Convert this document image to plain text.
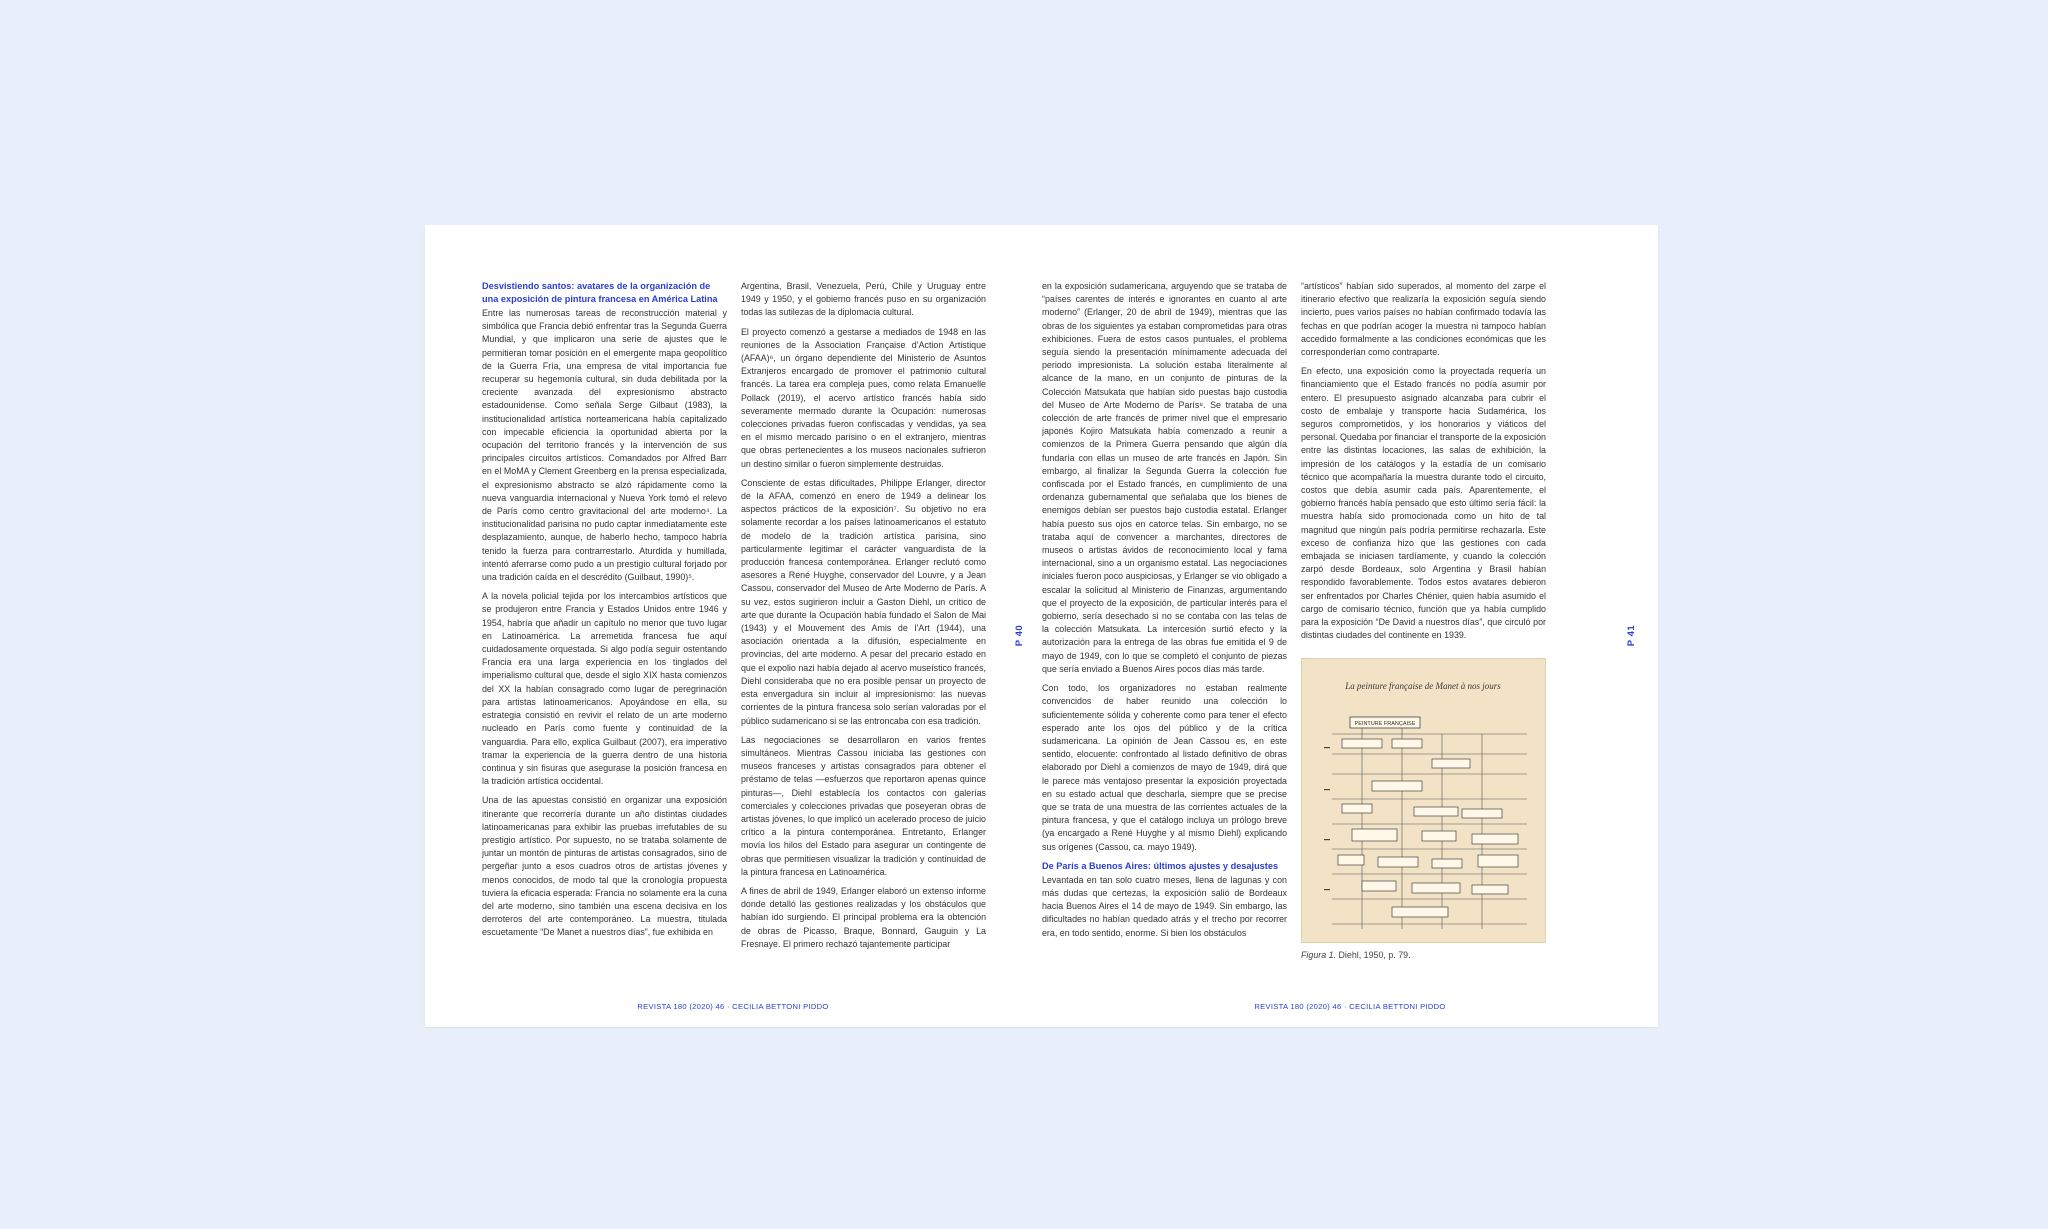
Desvistiendo santos: avatares de la organización de una exposición de pintura francesa en América Latina

Entre las numerosas tareas de reconstrucción material y simbólica que Francia debió enfrentar tras la Segunda Guerra Mundial, y que implicaron una serie de ajustes que le permitieran tomar posición en el emergente mapa geopolítico de la Guerra Fría, una empresa de vital importancia fue recuperar su hegemonía cultural, sin duda debilitada por la creciente avanzada del expresionismo abstracto estadounidense. Como señala Serge Gilbaut (1983), la institucionalidad artística norteamericana había capitalizado con impecable eficiencia la oportunidad abierta por la ocupación del territorio francés y la intervención de sus principales circuitos artísticos. Comandados por Alfred Barr en el MoMA y Clement Greenberg en la prensa especializada, el expresionismo abstracto se alzó rápidamente como la nueva vanguardia internacional y Nueva York tomó el relevo de París como centro gravitacional del arte moderno⁴. La institucionalidad parisina no pudo captar inmediatamente este desplazamiento, aunque, de haberlo hecho, tampoco habría tenido la fuerza para contrarrestarlo. Aturdida y humillada, intentó aferrarse como pudo a un prestigio cultural forjado por una tradición caída en el descrédito (Guilbaut, 1990)⁵.

A la novela policial tejida por los intercambios artísticos que se produjeron entre Francia y Estados Unidos entre 1946 y 1954, habría que añadir un capítulo no menor que tuvo lugar en Latinoamérica. La arremetida francesa fue aquí cuidadosamente orquestada. Si algo podía seguir ostentando Francia era una larga experiencia en los tinglados del imperialismo cultural que, desde el siglo XIX hasta comienzos del XX la habían consagrado como lugar de peregrinación para artistas latinoamericanos. Apoyándose en ella, su estrategia consistió en revivir el relato de un arte moderno nucleado en París como fuente y continuidad de la vanguardia. Para ello, explica Guilbaut (2007), era imperativo tramar la experiencia de la guerra dentro de una historia continua y sin fisuras que asegurase la posición francesa en la tradición artística occidental.

Una de las apuestas consistió en organizar una exposición itinerante que recorrería durante un año distintas ciudades latinoamericanas para exhibir las pruebas irrefutables de su prestigio artístico. Por supuesto, no se trataba solamente de juntar un montón de pinturas de artistas consagrados, sino de pergeñar junto a esos cuadros otros de artistas jóvenes y menos conocidos, de modo tal que la cronología propuesta tuviera la eficacia esperada: Francia no solamente era la cuna del arte moderno, sino también una escena decisiva en los derroteros del arte contemporáneo. La muestra, titulada escuetamente “De Manet a nuestros días”, fue exhibida en

Argentina, Brasil, Venezuela, Perú, Chile y Uruguay entre 1949 y 1950, y el gobierno francés puso en su organización todas las sutilezas de la diplomacia cultural.

El proyecto comenzó a gestarse a mediados de 1948 en las reuniones de la Association Française d’Action Artistique (AFAA)⁶, un órgano dependiente del Ministerio de Asuntos Extranjeros encargado de promover el patrimonio cultural francés. La tarea era compleja pues, como relata Emanuelle Pollack (2019), el acervo artístico francés había sido severamente mermado durante la Ocupación: numerosas colecciones privadas fueron confiscadas y vendidas, ya sea en el mismo mercado parisino o en el extranjero, mientras que obras pertenecientes a los museos nacionales sufrieron un destino similar o fueron simplemente destruidas.

Consciente de estas dificultades, Philippe Erlanger, director de la AFAA, comenzó en enero de 1949 a delinear los aspectos prácticos de la exposición⁷. Su objetivo no era solamente recordar a los países latinoamericanos el estatuto de modelo de la tradición artística parisina, sino particularmente legitimar el carácter vanguardista de la producción francesa contemporánea. Erlanger reclutó como asesores a René Huyghe, conservador del Louvre, y a Jean Cassou, conservador del Museo de Arte Moderno de París. A su vez, estos sugirieron incluir a Gaston Diehl, un crítico de arte que durante la Ocupación había fundado el Salon de Mai (1943) y el Mouvement des Amis de l’Art (1944), una asociación orientada a la difusión, especialmente en provincias, del arte moderno. A pesar del precario estado en que el expolio nazi había dejado al acervo museístico francés, Diehl consideraba que no era posible pensar un proyecto de esta envergadura sin incluir al impresionismo: las nuevas corrientes de la pintura francesa solo serían valoradas por el público sudamericano si se las entroncaba con esa tradición.

Las negociaciones se desarrollaron en varios frentes simultáneos. Mientras Cassou iniciaba las gestiones con museos franceses y artistas consagrados para obtener el préstamo de telas —esfuerzos que reportaron apenas quince pinturas—, Diehl establecía los contactos con galerías comerciales y colecciones privadas que poseyeran obras de artistas jóvenes, lo que implicó un acelerado proceso de juicio crítico a la pintura contemporánea. Entretanto, Erlanger movía los hilos del Estado para asegurar un contingente de obras que permitiesen visualizar la tradición y continuidad de la pintura francesa en Latinoamérica.

A fines de abril de 1949, Erlanger elaboró un extenso informe donde detalló las gestiones realizadas y los obstáculos que habían ido surgiendo. El principal problema era la obtención de obras de Picasso, Braque, Bonnard, Gauguin y La Fresnaye. El primero rechazó tajantemente participar

P 40
REVISTA 180 (2020) 46 · CECILIA BETTONI PIDDO

en la exposición sudamericana, arguyendo que se trataba de “países carentes de interés e ignorantes en cuanto al arte moderno” (Erlanger, 20 de abril de 1949), mientras que las obras de los siguientes ya estaban comprometidas para otras exhibiciones. Fuera de estos casos puntuales, el problema seguía siendo la presentación mínimamente adecuada del periodo impresionista. La solución estaba literalmente al alcance de la mano, en un conjunto de pinturas de la Colección Matsukata que habían sido puestas bajo custodia del Museo de Arte Moderno de París⁸. Se trataba de una colección de arte francés de primer nivel que el empresario japonés Kojiro Matsukata había comenzado a reunir a comienzos de la Primera Guerra pensando que algún día fundaría con ellas un museo de arte francés en Japón. Sin embargo, al finalizar la Segunda Guerra la colección fue confiscada por el Estado francés, en cumplimiento de una ordenanza gubernamental que señalaba que los bienes de enemigos debían ser puestos bajo custodia estatal. Erlanger había puesto sus ojos en catorce telas. Sin embargo, no se trataba aquí de convencer a marchantes, directores de museos o artistas ávidos de reconocimiento local y fama internacional, sino a un organismo estatal. Las negociaciones iniciales fueron poco auspiciosas, y Erlanger se vio obligado a escalar la solicitud al Ministerio de Finanzas, argumentando que el proyecto de la exposición, de particular interés para el gobierno, sería desechado si no se contaba con las telas de la colección Matsukata. La intercesión surtió efecto y la autorización para la entrega de las obras fue emitida el 9 de mayo de 1949, con lo que se completó el conjunto de piezas que sería enviado a Buenos Aires pocos días más tarde.

Con todo, los organizadores no estaban realmente convencidos de haber reunido una colección lo suficientemente sólida y coherente como para tener el efecto esperado ante los ojos del público y de la crítica sudamericana. La opinión de Jean Cassou es, en este sentido, elocuente: confrontado al listado definitivo de obras elaborado por Diehl a comienzos de mayo de 1949, dirá que le parece más ventajoso presentar la exposición proyectada en su estado actual que descharla, siempre que se precise que se trata de una muestra de las corrientes actuales de la pintura francesa, y que el catálogo incluya un prólogo breve (ya encargado a René Huyghe y al mismo Diehl) explicando sus orígenes (Cassou, ca. mayo 1949).

De París a Buenos Aires: últimos ajustes y desajustes

Levantada en tan solo cuatro meses, llena de lagunas y con más dudas que certezas, la exposición salió de Bordeaux hacia Buenos Aires el 14 de mayo de 1949. Sin embargo, las dificultades no habían quedado atrás y el trecho por recorrer era, en todo sentido, enorme. Si bien los obstáculos

“artísticos” habían sido superados, al momento del zarpe el itinerario efectivo que realizaría la exposición seguía siendo incierto, pues varios países no habían confirmado todavía las fechas en que podrían acoger la muestra ni tampoco habían accedido formalmente a las condiciones económicas que les corresponderían como contraparte.

En efecto, una exposición como la proyectada requería un financiamiento que el Estado francés no podía asumir por entero. El presupuesto asignado alcanzaba para cubrir el costo de embalaje y transporte hacia Sudamérica, los seguros comprometidos, y los honorarios y viáticos del personal. Quedaba por financiar el transporte de la exposición entre las distintas locaciones, las salas de exhibición, la impresión de los catálogos y la estadía de un comisario técnico que acompañaría la muestra durante todo el circuito, costos que debía asumir cada país. Aparentemente, el gobierno francés había pensado que esto último sería fácil: la muestra había sido promocionada como un hito de tal magnitud que ningún país podría permitirse rechazarla. Este exceso de confianza hizo que las gestiones con cada embajada se iniciasen tardíamente, y cuando la colección zarpó desde Bordeaux, solo Argentina y Brasil habían respondido favorablemente. Todos estos avatares debieron ser enfrentados por Charles Chénier, quien había asumido el cargo de comisario técnico, función que ya había cumplido para la exposición “De David a nuestros días”, que circuló por distintas ciudades del continente en 1939.

La peinture française de Manet à nos jours
PEINTURE FRANÇAISE
Figura 1. Diehl, 1950, p. 79.
P 41
REVISTA 180 (2020) 46 · CECILIA BETTONI PIDDO
